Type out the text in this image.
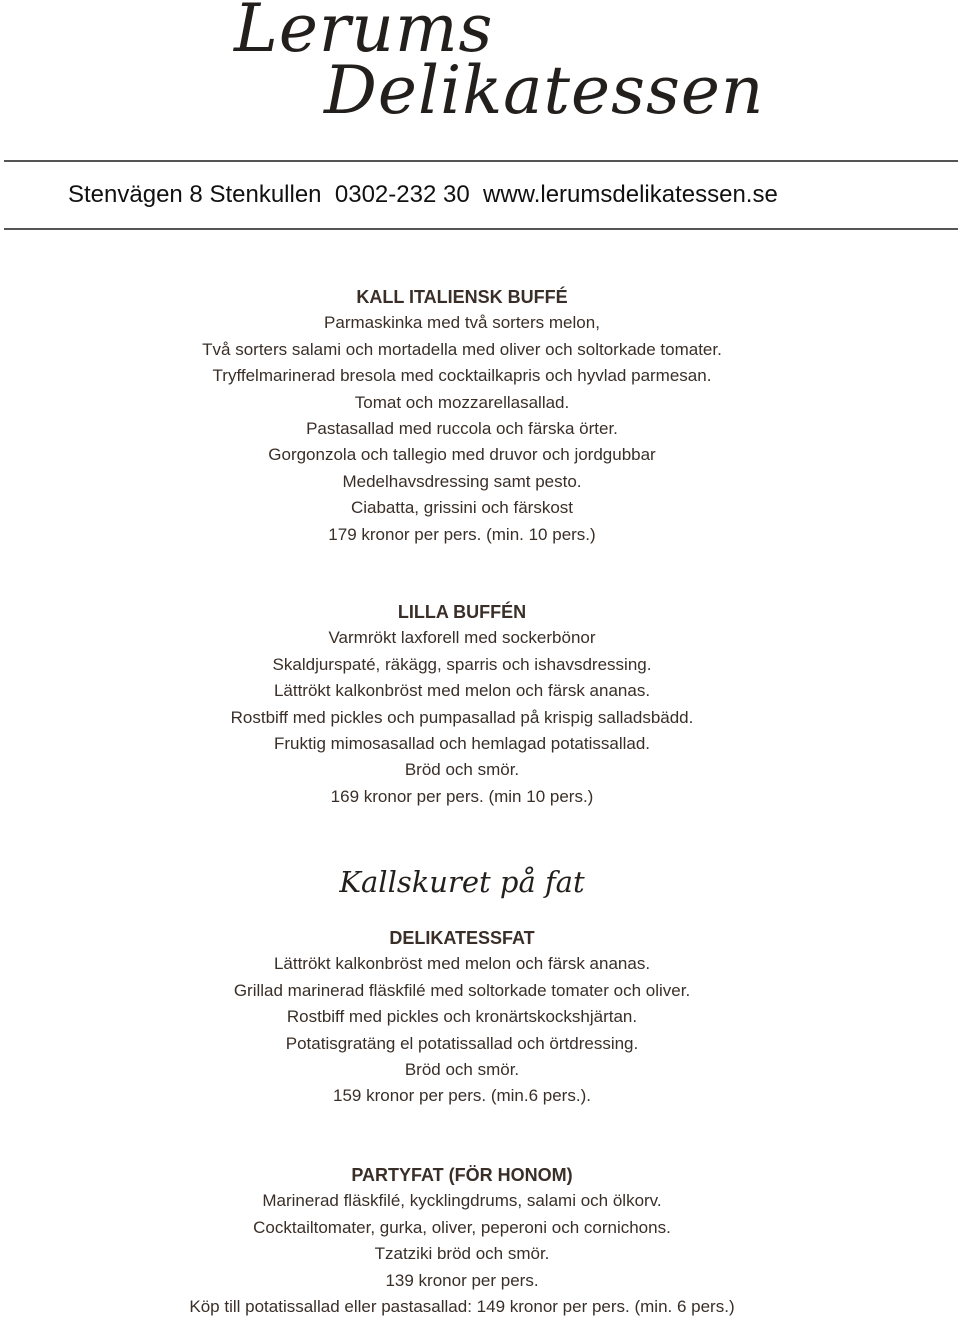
Lerums
Delikatessen
Stenvägen 8 Stenkullen 0302-232 30 www.lerumsdelikatessen.se
KALL ITALIENSK BUFFÉ
Parmaskinka med två sorters melon,
Två sorters salami och mortadella med oliver och soltorkade tomater.
Tryffelmarinerad bresola med cocktailkapris och hyvlad parmesan.
Tomat och mozzarellasallad.
Pastasallad med ruccola och färska örter.
Gorgonzola och tallegio med druvor och jordgubbar
Medelhavsdressing samt pesto.
Ciabatta, grissini och färskost
179 kronor per pers. (min. 10 pers.)
LILLA BUFFÉN
Varmrökt laxforell med sockerbönor
Skaldjurspaté, räkägg, sparris och ishavsdressing.
Lättrökt kalkonbröst med melon och färsk ananas.
Rostbiff med pickles och pumpasallad på krispig salladsbädd.
Fruktig mimosasallad och hemlagad potatissallad.
Bröd och smör.
169 kronor per pers. (min 10 pers.)
Kallskuret på fat
DELIKATESSFAT
Lättrökt kalkonbröst med melon och färsk ananas.
Grillad marinerad fläskfilé med soltorkade tomater och oliver.
Rostbiff med pickles och kronärtskockshjärtan.
Potatisgratäng el potatissallad och örtdressing.
Bröd och smör.
159 kronor per pers. (min.6 pers.).
PARTYFAT (FÖR HONOM)
Marinerad fläskfilé, kycklingdrums, salami och ölkorv.
Cocktailtomater, gurka, oliver, peperoni och cornichons.
Tzatziki bröd och smör.
139 kronor per pers.
Köp till potatissallad eller pastasallad: 149 kronor per pers. (min. 6 pers.)
